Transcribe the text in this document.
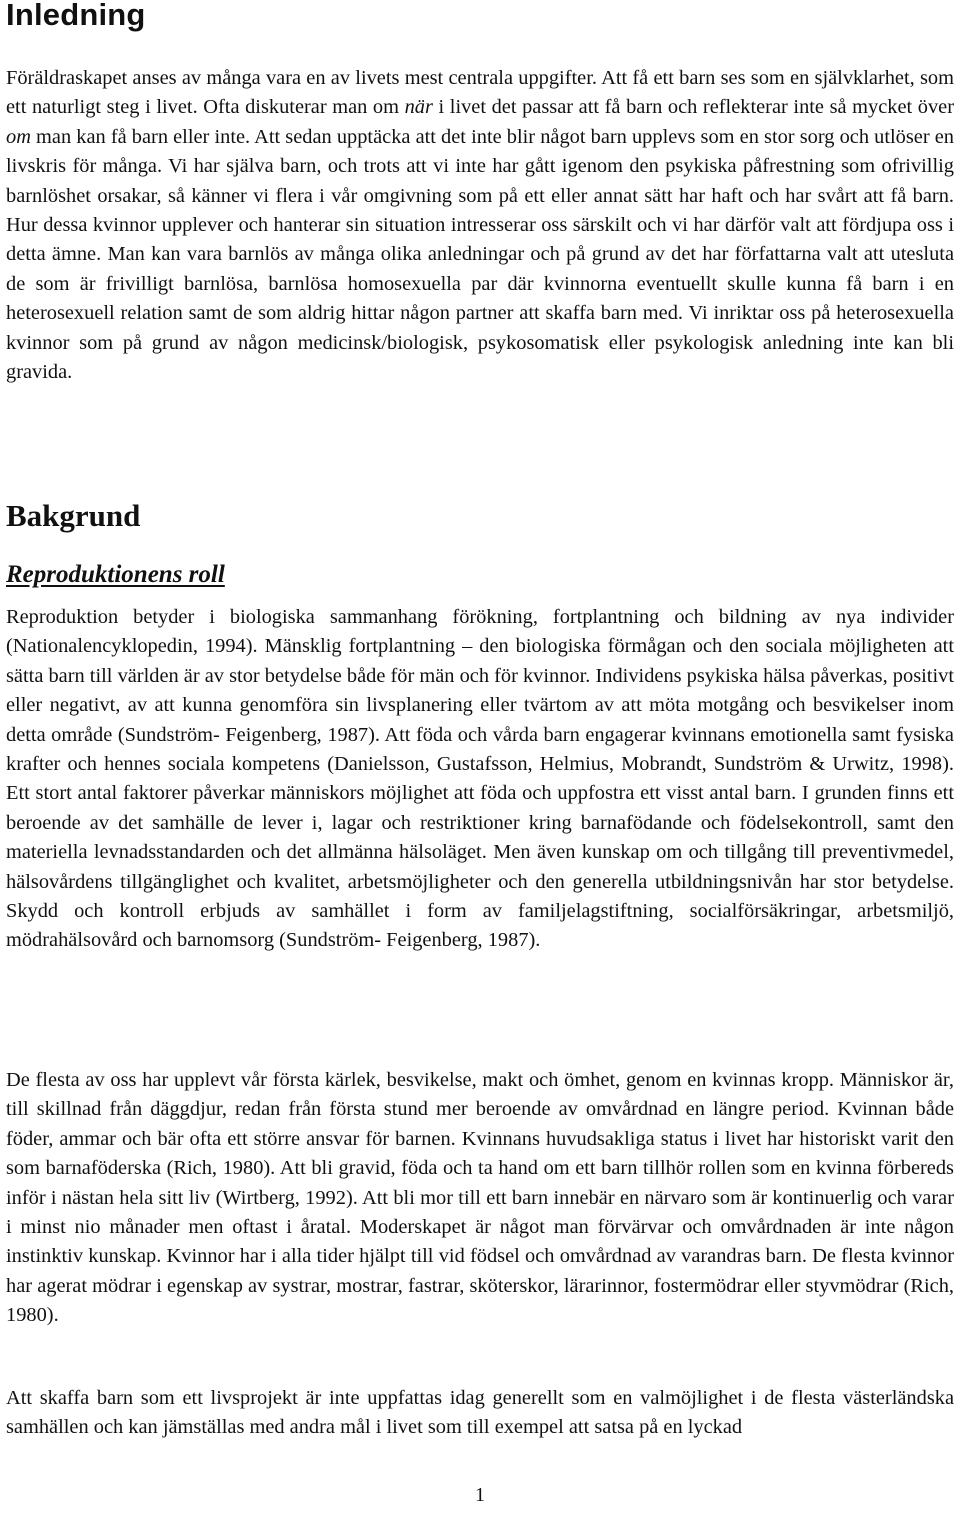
Inledning

Föräldraskapet anses av många vara en av livets mest centrala uppgifter. Att få ett barn ses som en självklarhet, som ett naturligt steg i livet. Ofta diskuterar man om när i livet det passar att få barn och reflekterar inte så mycket över om man kan få barn eller inte. Att sedan upptäcka att det inte blir något barn upplevs som en stor sorg och utlöser en livskris för många. Vi har själva barn, och trots att vi inte har gått igenom den psykiska påfrestning som ofrivillig barnlöshet orsakar, så känner vi flera i vår omgivning som på ett eller annat sätt har haft och har svårt att få barn. Hur dessa kvinnor upplever och hanterar sin situation intresserar oss särskilt och vi har därför valt att fördjupa oss i detta ämne. Man kan vara barnlös av många olika anledningar och på grund av det har författarna valt att utesluta de som är frivilligt barnlösa, barnlösa homosexuella par där kvinnorna eventuellt skulle kunna få barn i en heterosexuell relation samt de som aldrig hittar någon partner att skaffa barn med. Vi inriktar oss på heterosexuella kvinnor som på grund av någon medicinsk/biologisk, psykosomatisk eller psykologisk anledning inte kan bli gravida.

Bakgrund
Reproduktionens roll

Reproduktion betyder i biologiska sammanhang förökning, fortplantning och bildning av nya individer (Nationalencyklopedin, 1994). Mänsklig fortplantning – den biologiska förmågan och den sociala möjligheten att sätta barn till världen är av stor betydelse både för män och för kvinnor. Individens psykiska hälsa påverkas, positivt eller negativt, av att kunna genomföra sin livsplanering eller tvärtom av att möta motgång och besvikelser inom detta område (Sundström- Feigenberg, 1987). Att föda och vårda barn engagerar kvinnans emotionella samt fysiska krafter och hennes sociala kompetens (Danielsson, Gustafsson, Helmius, Mobrandt, Sundström & Urwitz, 1998). Ett stort antal faktorer påverkar människors möjlighet att föda och uppfostra ett visst antal barn. I grunden finns ett beroende av det samhälle de lever i, lagar och restriktioner kring barnafödande och födelsekontroll, samt den materiella levnadsstandarden och det allmänna hälsoläget. Men även kunskap om och tillgång till preventivmedel, hälsovårdens tillgänglighet och kvalitet, arbetsmöjligheter och den generella utbildningsnivån har stor betydelse. Skydd och kontroll erbjuds av samhället i form av familjelagstiftning, socialförsäkringar, arbetsmiljö, mödrahälsovård och barnomsorg (Sundström- Feigenberg, 1987).

De flesta av oss har upplevt vår första kärlek, besvikelse, makt och ömhet, genom en kvinnas kropp. Människor är, till skillnad från däggdjur, redan från första stund mer beroende av omvårdnad en längre period. Kvinnan både föder, ammar och bär ofta ett större ansvar för barnen. Kvinnans huvudsakliga status i livet har historiskt varit den som barnaföderska (Rich, 1980). Att bli gravid, föda och ta hand om ett barn tillhör rollen som en kvinna förbereds inför i nästan hela sitt liv (Wirtberg, 1992). Att bli mor till ett barn innebär en närvaro som är kontinuerlig och varar i minst nio månader men oftast i åratal. Moderskapet är något man förvärvar och omvårdnaden är inte någon instinktiv kunskap. Kvinnor har i alla tider hjälpt till vid födsel och omvårdnad av varandras barn. De flesta kvinnor har agerat mödrar i egenskap av systrar, mostrar, fastrar, sköterskor, lärarinnor, fostermödrar eller styvmödrar (Rich, 1980).

Att skaffa barn som ett livsprojekt är inte uppfattas idag generellt som en valmöjlighet i de flesta västerländska samhällen och kan jämställas med andra mål i livet som till exempel att satsa på en lyckad

1
